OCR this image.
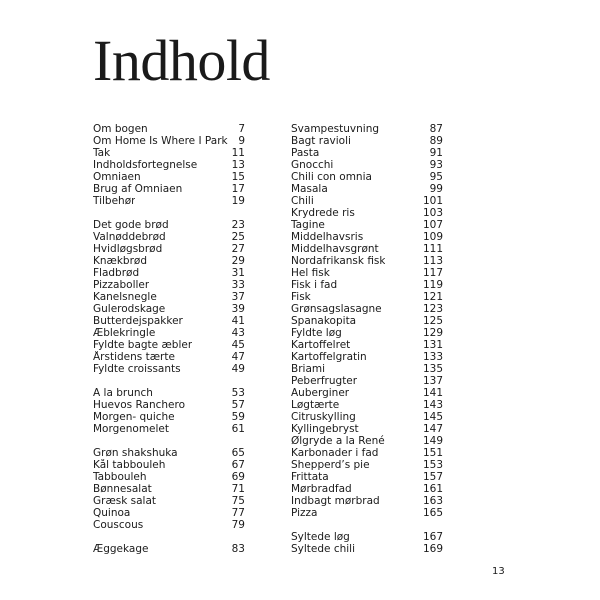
Indhold
Om bogen	7
Om Home Is Where I Park	9
Tak	11
Indholdsfortegnelse	13
Omniaen	15
Brug af Omniaen	17
Tilbehør	19
Det gode brød	23
Valnøddebrød	25
Hvidløgsbrød	27
Knækbrød	29
Fladbrød	31
Pizzaboller	33
Kanelsnegle	37
Gulerodskage	39
Butterdejspakker	41
Æblekringle	43
Fyldte bagte æbler	45
Årstidens tærte	47
Fyldte croissants	49
A la brunch	53
Huevos Ranchero	57
Morgen- quiche	59
Morgenomelet	61
Grøn shakshuka	65
Kål tabbouleh	67
Tabbouleh	69
Bønnesalat	71
Græsk salat	75
Quinoa	77
Couscous	79
Æggekage	83
Svampestuvning	87
Bagt ravioli	89
Pasta	91
Gnocchi	93
Chili con omnia	95
Masala	99
Chili	101
Krydrede ris	103
Tagine	107
Middelhavsris	109
Middelhavsgrønt	111
Nordafrikansk fisk	113
Hel fisk	117
Fisk i fad	119
Fisk	121
Grønsagslasagne	123
Spanakopita	125
Fyldte løg	129
Kartoffelret	131
Kartoffelgratin	133
Briami	135
Peberfrugter	137
Auberginer	141
Løgtærte	143
Citruskylling	145
Kyllingebryst	147
Ølgryde a la René	149
Karbonader i fad	151
Shepperd’s pie	153
Frittata	157
Mørbradfad	161
Indbagt mørbrad	163
Pizza	165
Syltede løg	167
Syltede chili	169
13
